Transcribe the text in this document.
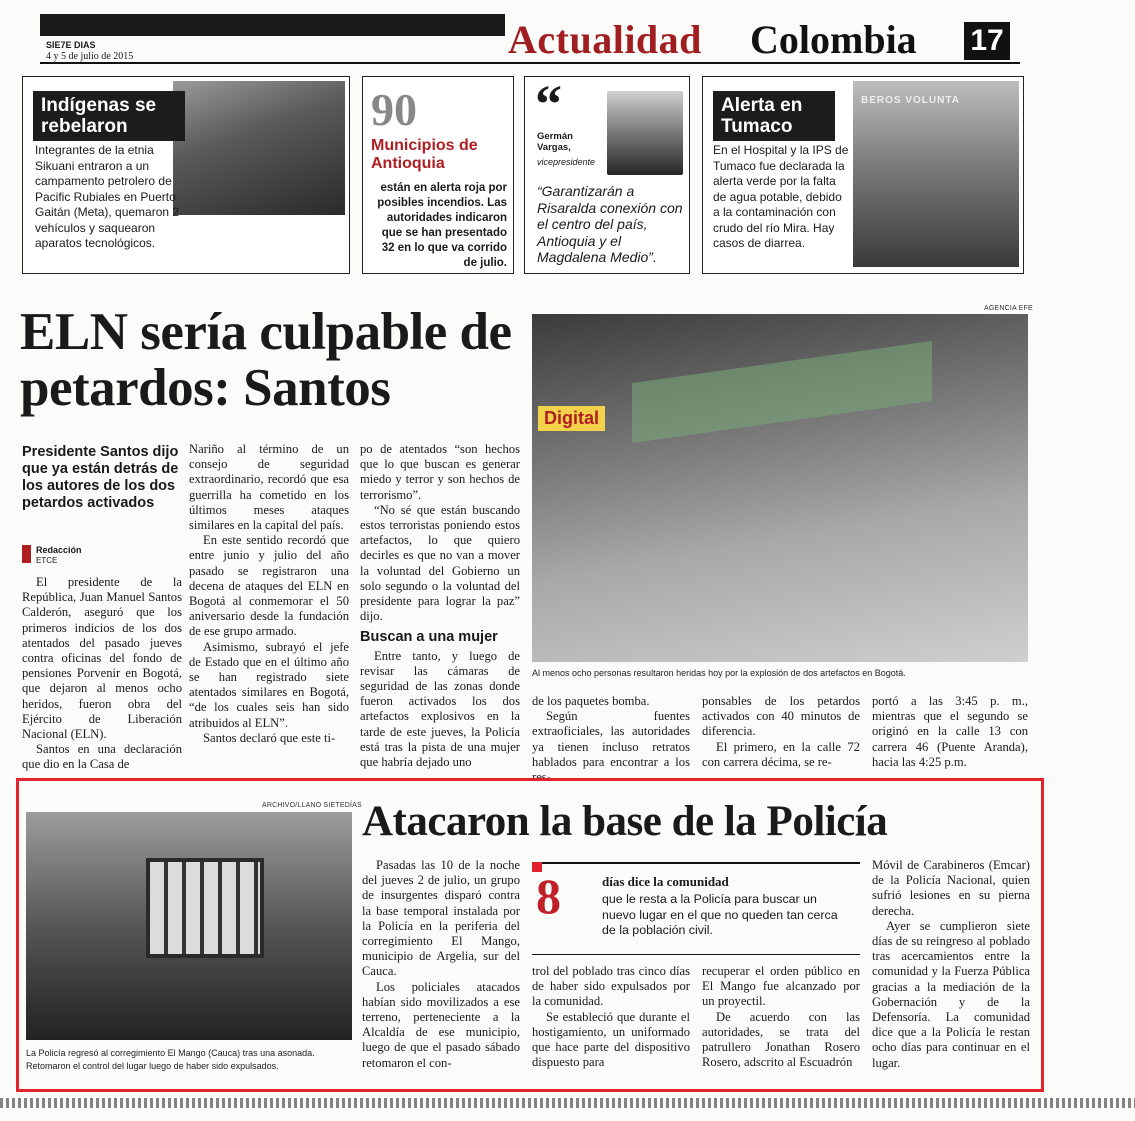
SIE7E DIAS
4 y 5 de julio de 2015	Actualidad Colombia 17
Indígenas se rebelaron
Integrantes de la etnia Sikuani entraron a un campamento petrolero de Pacific Rubiales en Puerto Gaitán (Meta), quemaron 2 vehículos y saquearon aparatos tecnológicos.
90
Municipios de Antioquia
están en alerta roja por posibles incendios. Las autoridades indicaron que se han presentado 32 en lo que va corrido de julio.
“
Germán Vargas,
vicepresidente
“Garantizarán a Risaralda conexión con el centro del país, Antioquia y el Magdalena Medio”.
BEROS VOLUNTA
Alerta en Tumaco
En el Hospital y la IPS de Tumaco fue declarada la alerta verde por la falta de agua potable, debido a la contaminación con crudo del río Mira. Hay casos de diarrea.
ELN sería culpable de petardos: Santos
AGENCIA EFE
Digital
Al menos ocho personas resultaron heridas hoy por la explosión de dos artefactos en Bogotá.
Presidente Santos dijo que ya están detrás de los autores de los dos petardos activados
Redacción
ETCE

El presidente de la República, Juan Manuel Santos Calderón, aseguró que los primeros indicios de los dos atentados del pasado jueves contra oficinas del fondo de pensiones Porvenir en Bogotá, que dejaron al menos ocho heridos, fueron obra del Ejército de Liberación Nacional (ELN).

Santos en una declaración que dio en la Casa de

Nariño al término de un consejo de seguridad extraordinario, recordó que esa guerrilla ha cometido en los últimos meses ataques similares en la capital del país.

En este sentido recordó que entre junio y julio del año pasado se registraron una decena de ataques del ELN en Bogotá al conmemorar el 50 aniversario desde la fundación de ese grupo armado.

Asimismo, subrayó el jefe de Estado que en el último año se han registrado siete atentados similares en Bogotá, “de los cuales seis han sido atribuidos al ELN”.

Santos declaró que este ti-

po de atentados “son hechos que lo que buscan es generar miedo y terror y son hechos de terrorismo”.

“No sé que están buscando estos terroristas poniendo estos artefactos, lo que quiero decirles es que no van a mover la voluntad del Gobierno un solo segundo o la voluntad del presidente para lograr la paz” dijo.

Buscan a una mujer

Entre tanto, y luego de revisar las cámaras de seguridad de las zonas donde fueron activados los dos artefactos explosivos en la tarde de este jueves, la Policía está tras la pista de una mujer que habría dejado uno

de los paquetes bomba.

Según fuentes extraoficiales, las autoridades ya tienen incluso retratos hablados para encontrar a los res-

ponsables de los petardos activados con 40 minutos de diferencia.

El primero, en la calle 72 con carrera décima, se re-

portó a las 3:45 p. m., mientras que el segundo se originó en la calle 13 con carrera 46 (Puente Aranda), hacia las 4:25 p.m.

ARCHIVO/LLANO SIETEDÍAS
La Policía regresó al corregimiento El Mango (Cauca) tras una asonada. Retomaron el control del lugar luego de haber sido expulsados.
Atacaron la base de la Policía

Pasadas las 10 de la noche del jueves 2 de julio, un grupo de insurgentes disparó contra la base temporal instalada por la Policía en la periferia del corregimiento El Mango, municipio de Argelia, sur del Cauca.

Los policiales atacados habían sido movilizados a ese terreno, perteneciente a la Alcaldía de ese municipio, luego de que el pasado sábado retomaron el con-

8	días dice la comunidad
que le resta a la Policía para buscar un nuevo lugar en el que no queden tan cerca de la población civil.

trol del poblado tras cinco días de haber sido expulsados por la comunidad.

Se estableció que durante el hostigamiento, un uniformado que hace parte del dispositivo dispuesto para

recuperar el orden público en El Mango fue alcanzado por un proyectil.

De acuerdo con las autoridades, se trata del patrullero Jonathan Rosero Rosero, adscrito al Escuadrón

Móvil de Carabineros (Emcar) de la Policía Nacional, quien sufrió lesiones en su pierna derecha.

Ayer se cumplieron siete días de su reingreso al poblado tras acercamientos entre la comunidad y la Fuerza Pública gracias a la mediación de la Gobernación y de la Defensoría. La comunidad dice que a la Policía le restan ocho días para continuar en el lugar.
